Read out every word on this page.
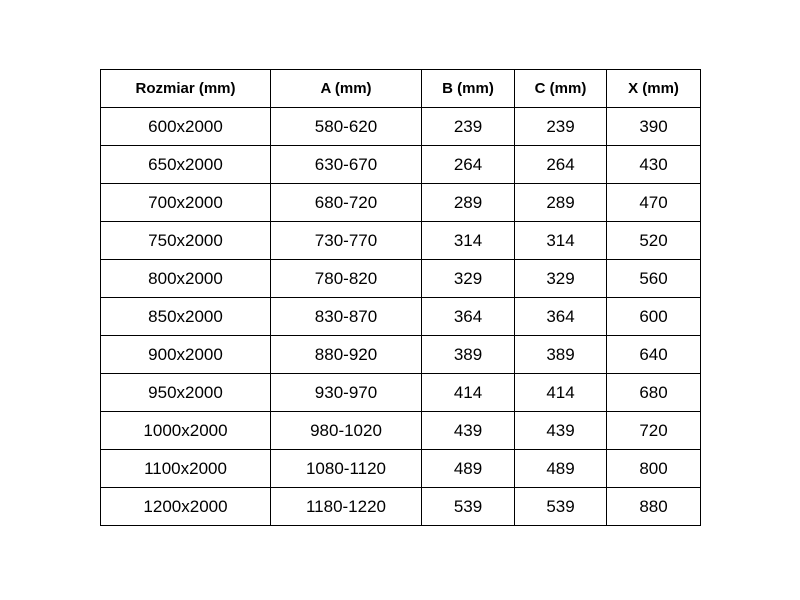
Rozmiar (mm)	A (mm)	B (mm)	C (mm)	X (mm)
600x2000	580-620	239	239	390
650x2000	630-670	264	264	430
700x2000	680-720	289	289	470
750x2000	730-770	314	314	520
800x2000	780-820	329	329	560
850x2000	830-870	364	364	600
900x2000	880-920	389	389	640
950x2000	930-970	414	414	680
1000x2000	980-1020	439	439	720
1100x2000	1080-1120	489	489	800
1200x2000	1180-1220	539	539	880
